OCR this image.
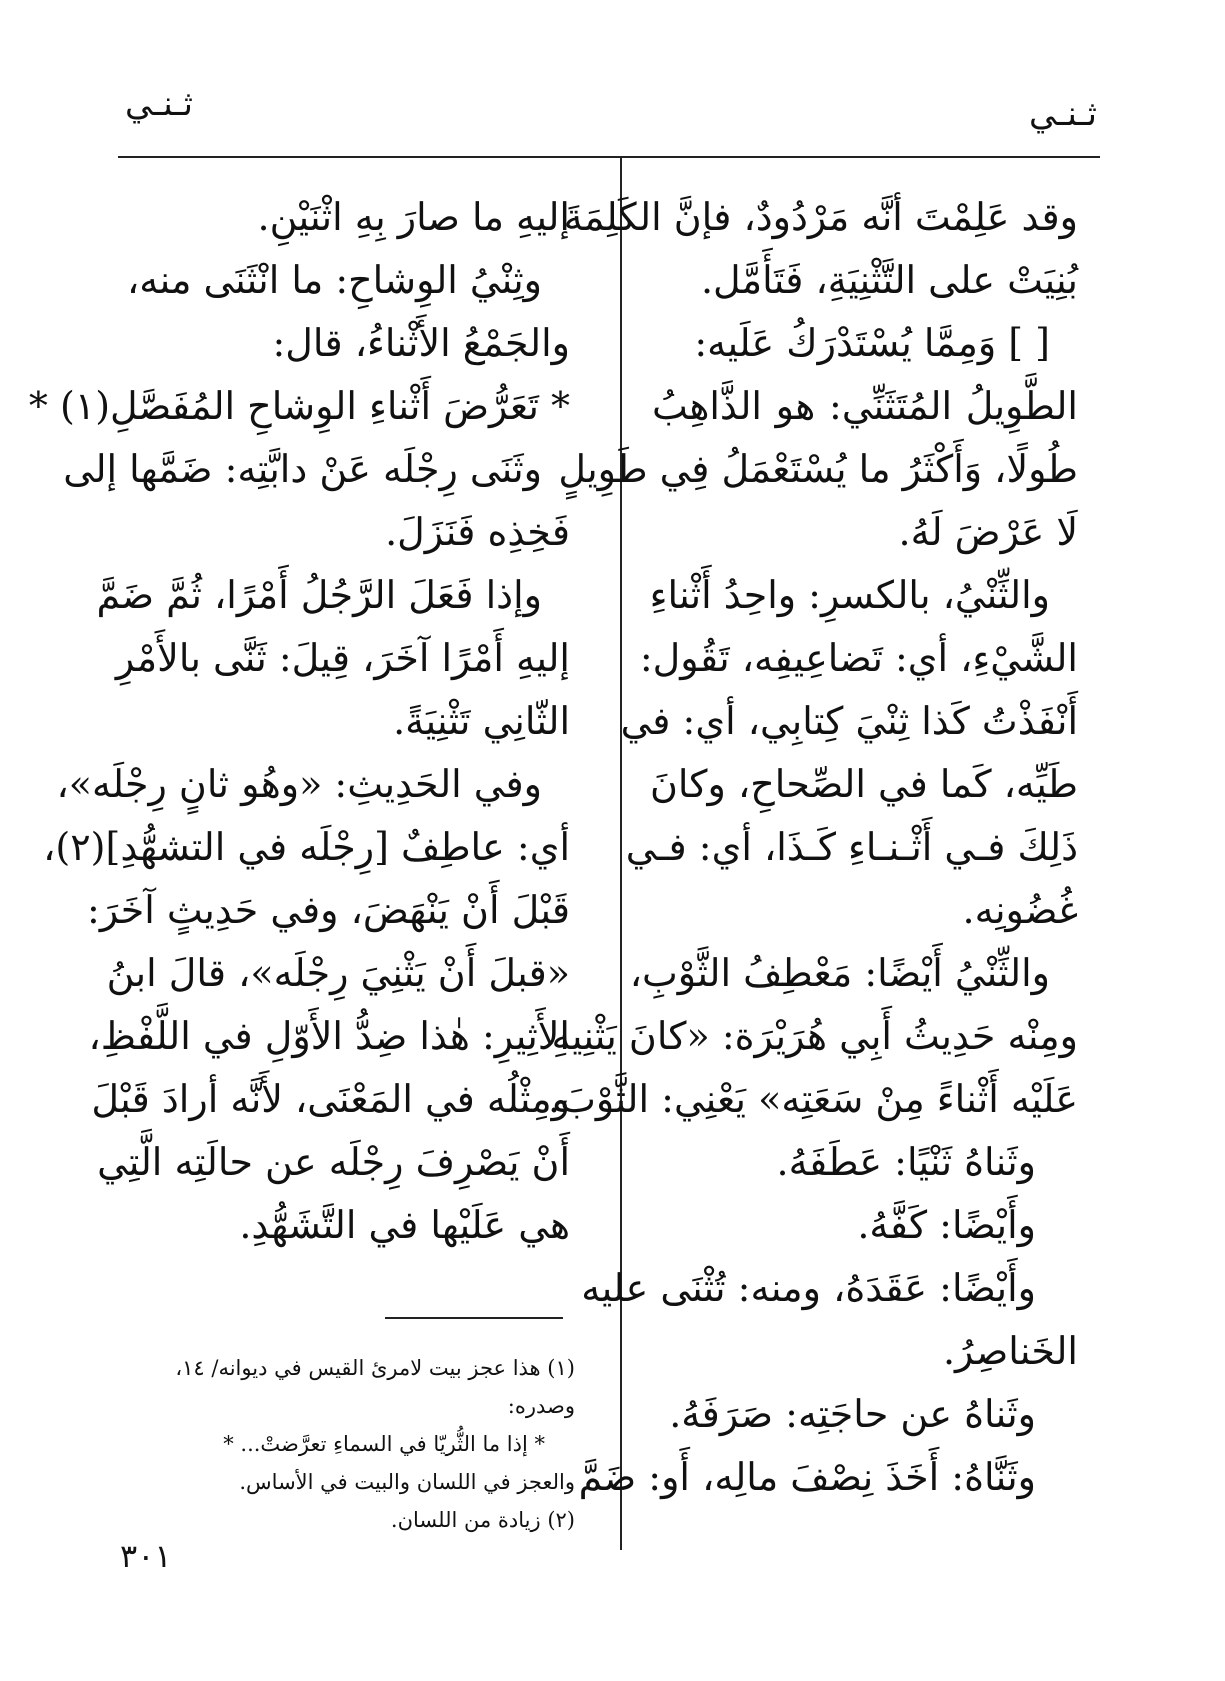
ثـنـي
ثـنـي
وقد عَلِمْتَ أنَّه مَرْدُودٌ، فإنَّ الكَلِمَةَ
بُنِيَتْ على التَّثْنِيَةِ، فَتَأَمَّل.
[ ] وَمِمَّا يُسْتَدْرَكُ عَلَيه:
الطَّوِيلُ المُتَثَنِّي: هو الذَّاهِبُ
طُولًا، وَأَكْثَرُ ما يُسْتَعْمَلُ فِي طَوِيلٍ
لَا عَرْضَ لَهُ.
والثِّنْيُ، بالكسرِ: واحِدُ أَثْناءِ
الشَّيْءِ، أي: تَضاعِيفِه، تَقُول:
أَنْفَذْتُ كَذا ثِنْيَ كِتابِي، أي: في
طَيِّه، كَما في الصِّحاحِ، وكانَ
ذَلِكَ فـي أَثْـنـاءِ كَـذَا، أي: فـي
غُضُونِه.
والثِّنْيُ أَيْضًا: مَعْطِفُ الثَّوْبِ،
ومِنْه حَدِيثُ أَبِي هُرَيْرَة: «كانَ يَثْنِيهِ
عَلَيْه أَثْناءً مِنْ سَعَتِه» يَعْنِي: الثَّوْبَ.
وثَناهُ ثَنْيًا: عَطَفَهُ.
وأَيْضًا: كَفَّهُ.
وأَيْضًا: عَقَدَهُ، ومنه: تُثْنَى عليه
الخَناصِرُ.
وثَناهُ عن حاجَتِه: صَرَفَهُ.
وثَنَّاهُ: أَخَذَ نِصْفَ مالِه، أَو: ضَمَّ
إليهِ ما صارَ بِهِ اثْنَيْنِ.
وثِنْيُ الوِشاحِ: ما انْثَنَى منه،
والجَمْعُ الأَثْناءُ، قال:
* تَعَرُّضَ أَثْناءِ الوِشاحِ المُفَصَّلِ(١) *
وثَنَى رِجْلَه عَنْ دابَّتِه: ضَمَّها إلى
فَخِذِه فَنَزَلَ.
وإذا فَعَلَ الرَّجُلُ أَمْرًا، ثُمَّ ضَمَّ
إليهِ أَمْرًا آخَرَ، قِيلَ: ثَنَّى بالأَمْرِ
الثّانِي تَثْنِيَةً.
وفي الحَدِيثِ: «وهُو ثانٍ رِجْلَه»،
أي: عاطِفٌ [رِجْلَه في التشهُّدِ](٢)،
قَبْلَ أَنْ يَنْهَضَ، وفي حَدِيثٍ آخَرَ:
«قبلَ أَنْ يَثْنِيَ رِجْلَه»، قالَ ابنُ
الأَثِيرِ: هٰذا ضِدُّ الأَوّلِ في اللَّفْظِ،
ومِثْلُه في المَعْنَى، لأَنَّه أرادَ قَبْلَ
أَنْ يَصْرِفَ رِجْلَه عن حالَتِه الَّتِي
هي عَلَيْها في التَّشَهُّدِ.
(١) هذا عجز بيت لامرئ القيس في ديوانه/ ١٤،
وصدره:
* إذا ما الثُّريّا في السماءِ تعرَّضتْ... *
والعجز في اللسان والبيت في الأساس.
(٢) زيادة من اللسان.
٣٠١
